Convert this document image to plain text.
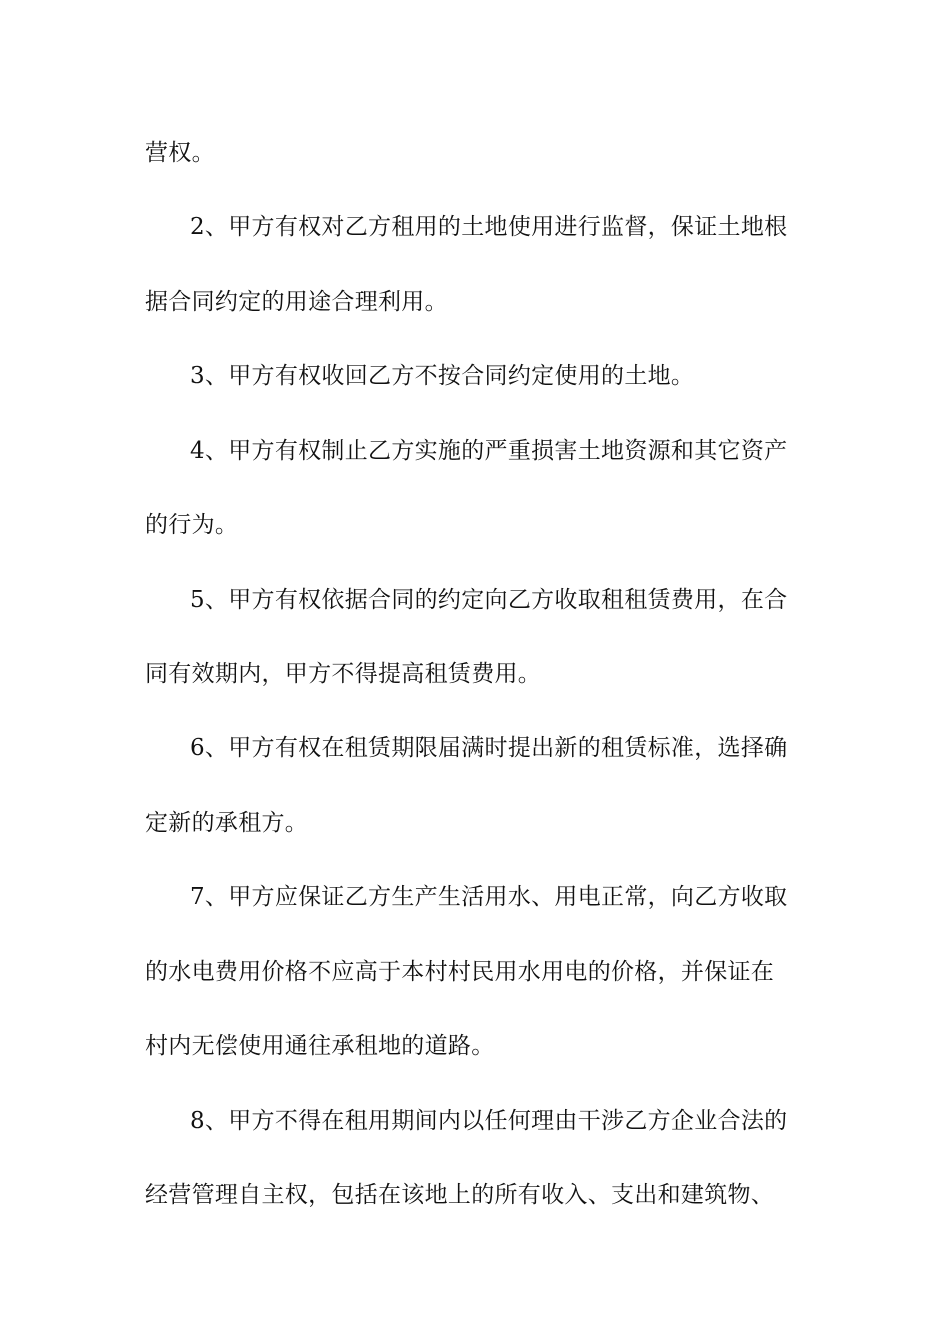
营权。
2、甲方有权对乙方租用的土地使用进行监督，保证土地根
据合同约定的用途合理利用。
3、甲方有权收回乙方不按合同约定使用的土地。
4、甲方有权制止乙方实施的严重损害土地资源和其它资产
的行为。
5、甲方有权依据合同的约定向乙方收取租租赁费用，在合
同有效期内，甲方不得提高租赁费用。
6、甲方有权在租赁期限届满时提出新的租赁标准，选择确
定新的承租方。
7、甲方应保证乙方生产生活用水、用电正常，向乙方收取
的水电费用价格不应高于本村村民用水用电的价格，并保证在
村内无偿使用通往承租地的道路。
8、甲方不得在租用期间内以任何理由干涉乙方企业合法的
经营管理自主权，包括在该地上的所有收入、支出和建筑物、
